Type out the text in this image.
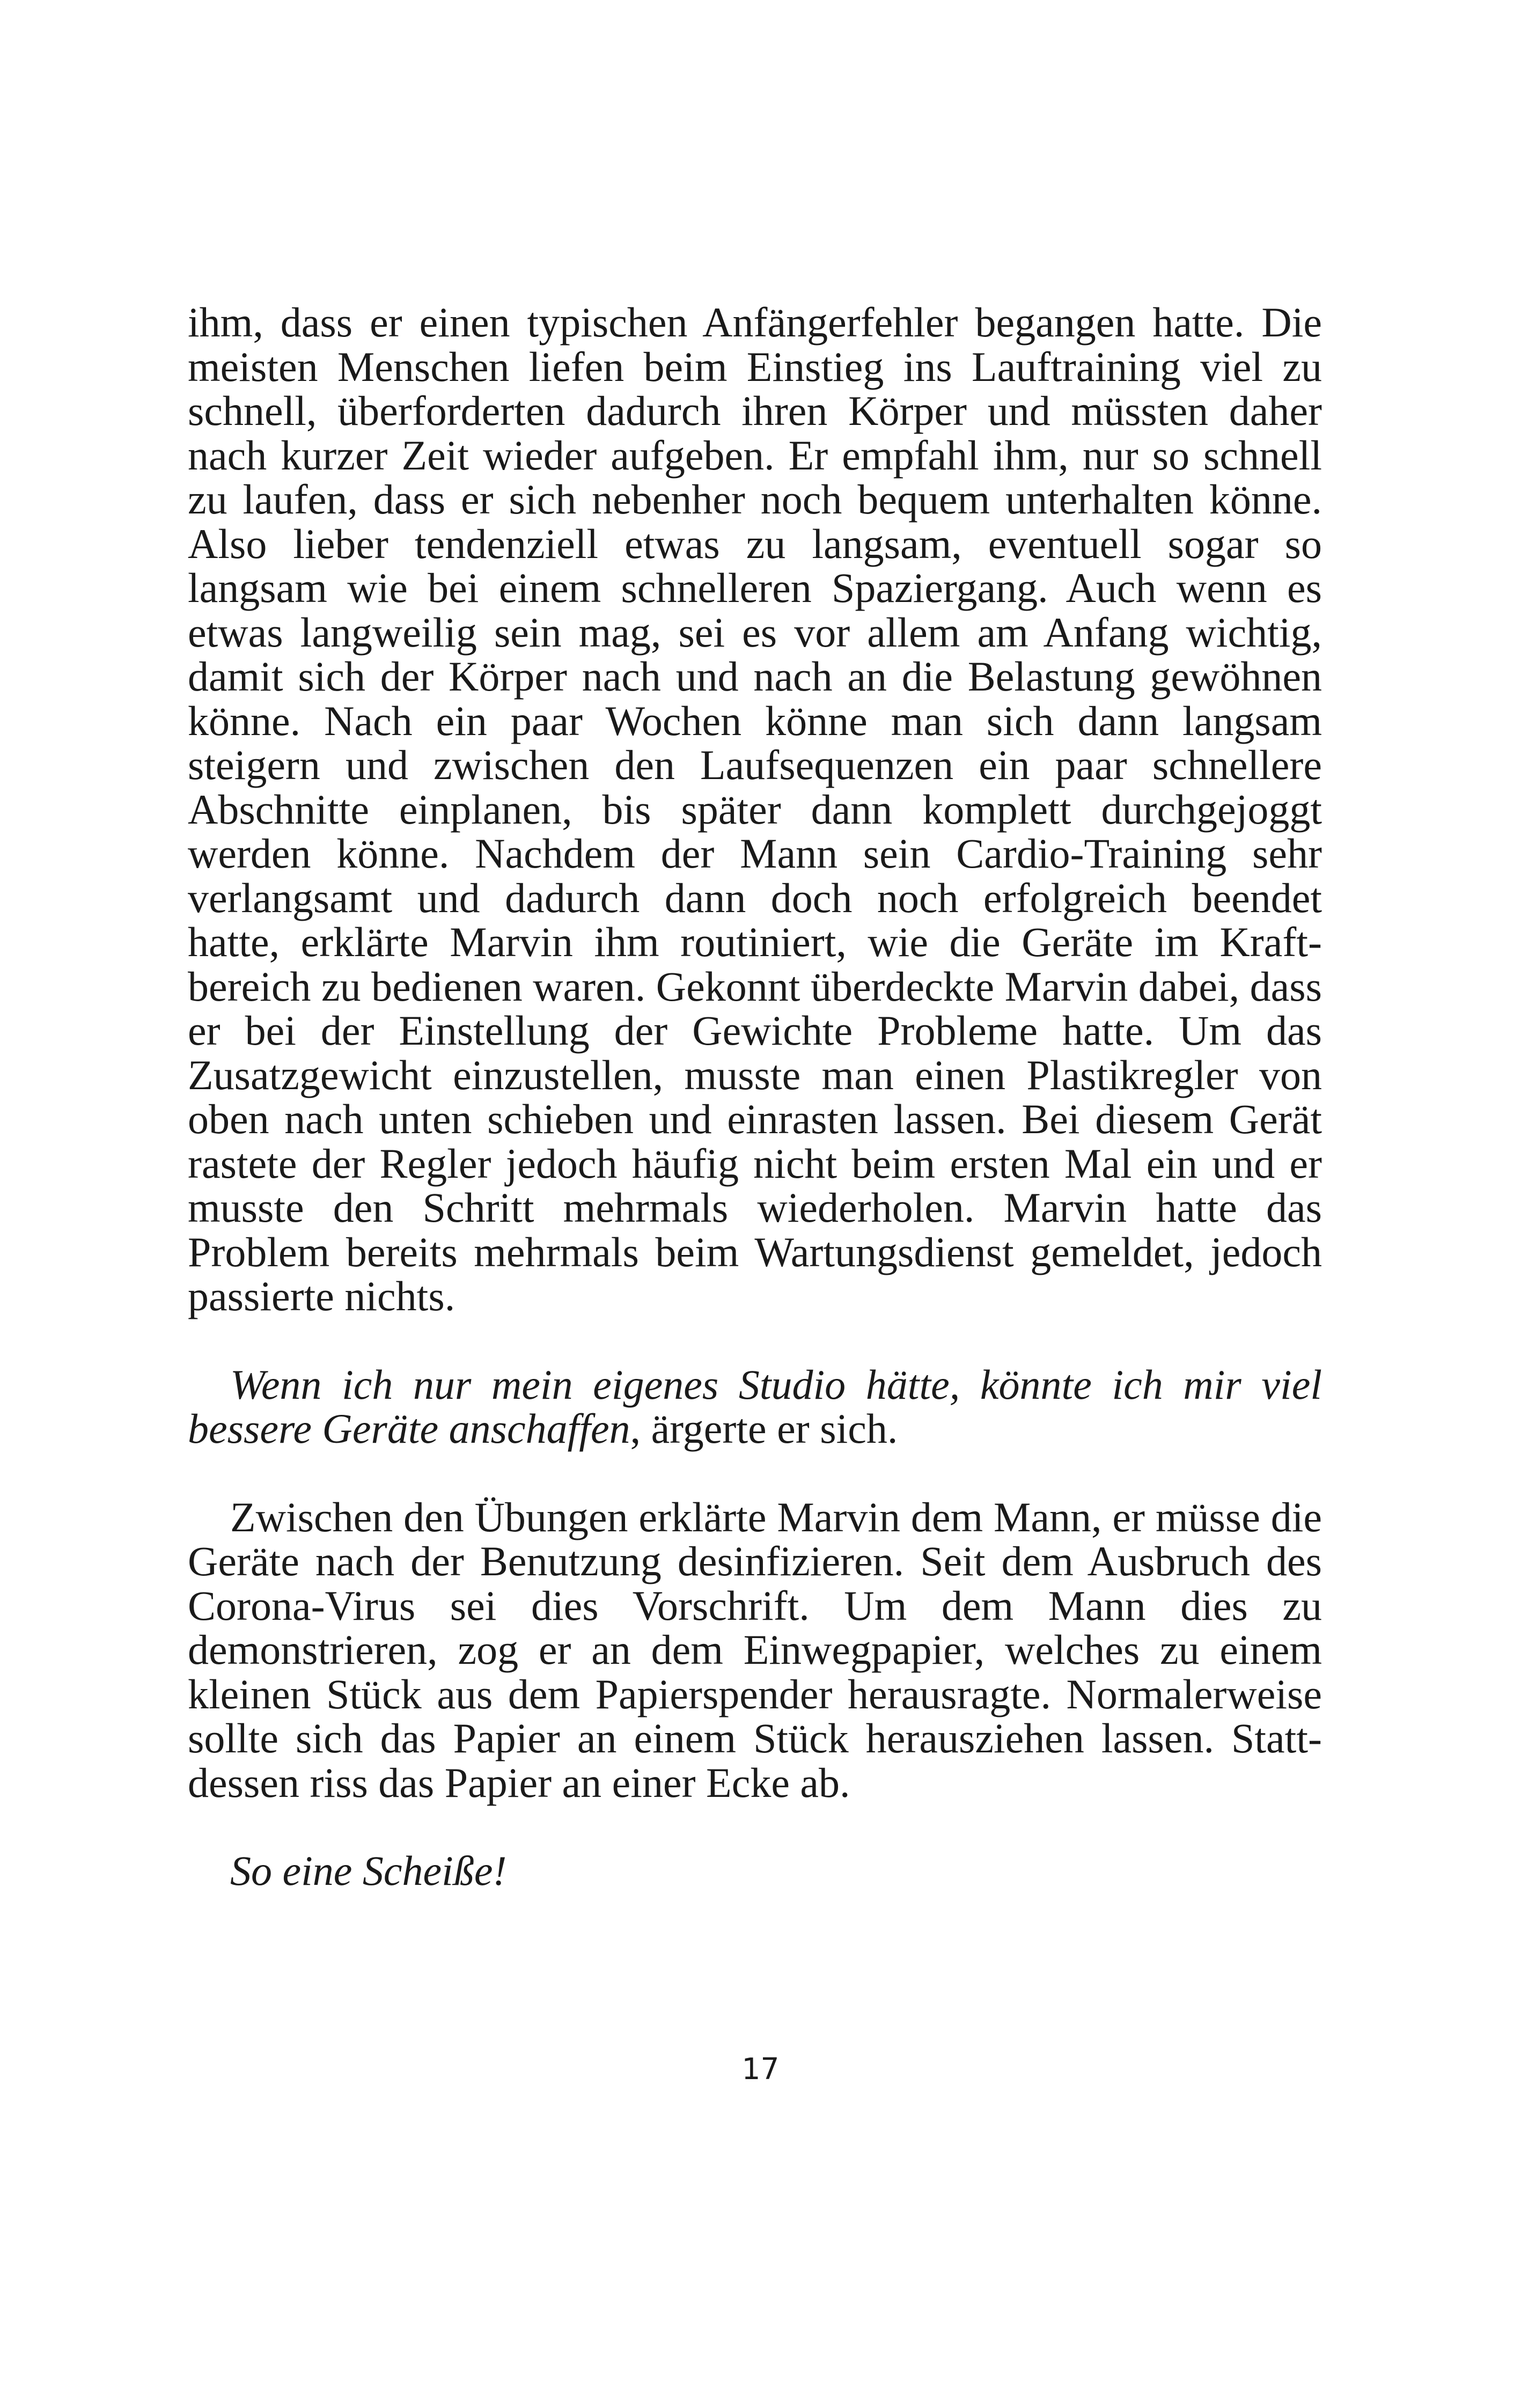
ihm, dass er einen typischen Anfängerfehler begangen hatte. Die meisten Menschen liefen beim Einstieg ins Lauftraining viel zu schnell, überforderten dadurch ihren Körper und müssten daher nach kurzer Zeit wieder aufgeben. Er empfahl ihm, nur so schnell zu laufen, dass er sich nebenher noch bequem unterhalten könne. Also lieber tendenziell etwas zu langsam, eventuell sogar so langsam wie bei einem schnelleren Spaziergang. Auch wenn es etwas langweilig sein mag, sei es vor allem am Anfang wichtig, damit sich der Körper nach und nach an die Belastung gewöhnen könne. Nach ein paar Wochen könne man sich dann langsam steigern und zwischen den Laufsequenzen ein paar schnellere Abschnitte einplanen, bis später dann komplett durchgejoggt werden könne. Nachdem der Mann sein Cardio-Training sehr verlangsamt und dadurch dann doch noch erfolgreich beendet hatte, erklärte Marvin ihm routiniert, wie die Geräte im Kraftbereich zu bedienen waren. Gekonnt überdeckte Marvin dabei, dass er bei der Einstellung der Gewichte Probleme hatte. Um das Zusatzgewicht einzustellen, musste man einen Plastikregler von oben nach unten schieben und einrasten lassen. Bei diesem Gerät rastete der Regler jedoch häufig nicht beim ersten Mal ein und er musste den Schritt mehrmals wiederholen. Marvin hatte das Problem bereits mehrmals beim Wartungsdienst gemeldet, jedoch passierte nichts.

Wenn ich nur mein eigenes Studio hätte, könnte ich mir viel bessere Geräte anschaffen, ärgerte er sich.

Zwischen den Übungen erklärte Marvin dem Mann, er müsse die Geräte nach der Benutzung desinfizieren. Seit dem Ausbruch des Corona-Virus sei dies Vorschrift. Um dem Mann dies zu demonstrieren, zog er an dem Einwegpapier, welches zu einem kleinen Stück aus dem Papierspender herausragte. Normalerweise sollte sich das Papier an einem Stück herausziehen lassen. Stattdessen riss das Papier an einer Ecke ab.

So eine Scheiße!

17
